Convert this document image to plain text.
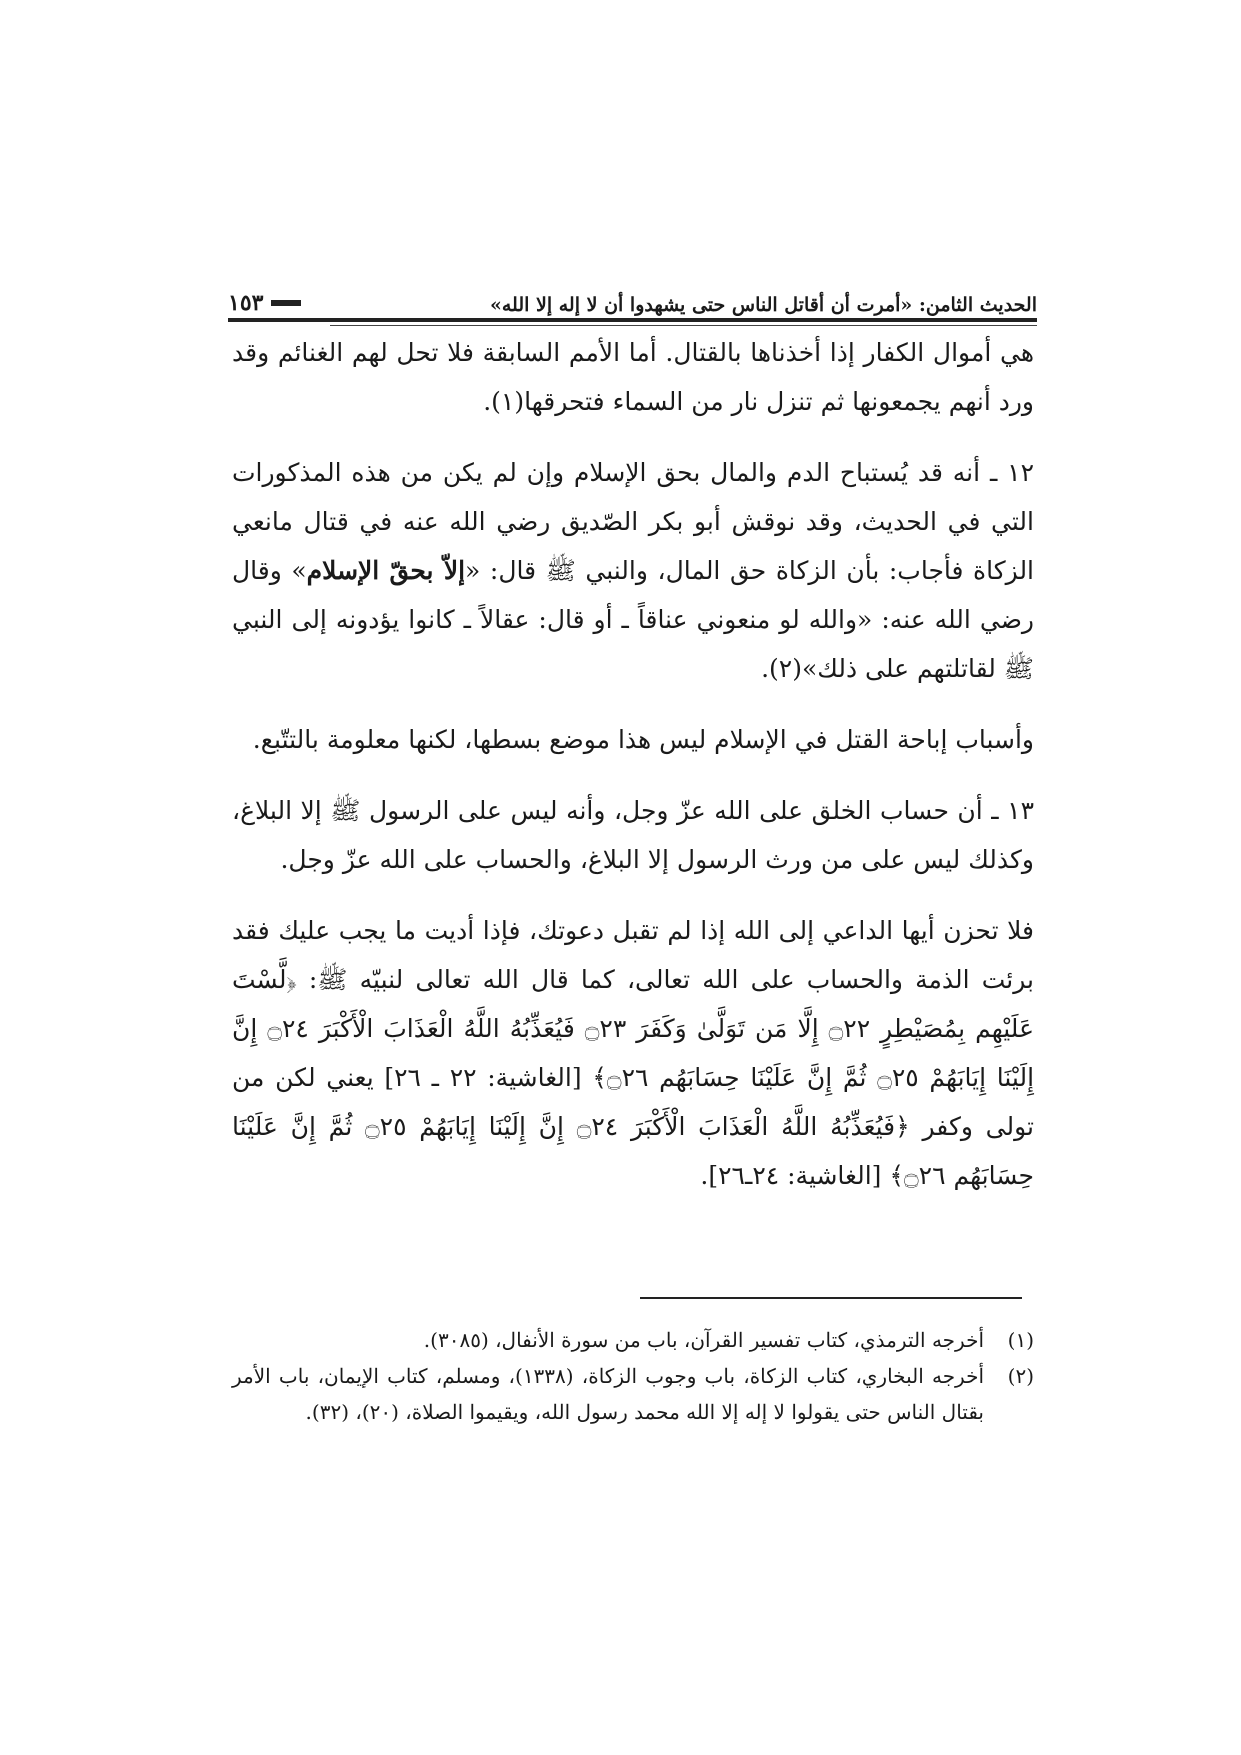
الحديث الثامن: «أمرت أن أقاتل الناس حتى يشهدوا أن لا إله إلا الله»
١٥٣

هي أموال الكفار إذا أخذناها بالقتال. أما الأمم السابقة فلا تحل لهم الغنائم وقد ورد أنهم يجمعونها ثم تنزل نار من السماء فتحرقها(١).

١٢ ـ أنه قد يُستباح الدم والمال بحق الإسلام وإن لم يكن من هذه المذكورات التي في الحديث، وقد نوقش أبو بكر الصّديق رضي الله عنه في قتال مانعي الزكاة فأجاب: بأن الزكاة حق المال، والنبي ﷺ قال: «إلاّ بحقّ الإسلام» وقال رضي الله عنه: «والله لو منعوني عناقاً ـ أو قال: عقالاً ـ كانوا يؤدونه إلى النبي ﷺ لقاتلتهم على ذلك»(٢).

وأسباب إباحة القتل في الإسلام ليس هذا موضع بسطها، لكنها معلومة بالتتّبع.

١٣ ـ أن حساب الخلق على الله عزّ وجل، وأنه ليس على الرسول ﷺ إلا البلاغ، وكذلك ليس على من ورث الرسول إلا البلاغ، والحساب على الله عزّ وجل.

فلا تحزن أيها الداعي إلى الله إذا لم تقبل دعوتك، فإذا أديت ما يجب عليك فقد برئت الذمة والحساب على الله تعالى، كما قال الله تعالى لنبيّه ﷺ: ﴿لَّسْتَ عَلَيْهِم بِمُصَيْطِرٍ ۝٢٢ إِلَّا مَن تَوَلَّىٰ وَكَفَرَ ۝٢٣ فَيُعَذِّبُهُ اللَّهُ الْعَذَابَ الْأَكْبَرَ ۝٢٤ إِنَّ إِلَيْنَا إِيَابَهُمْ ۝٢٥ ثُمَّ إِنَّ عَلَيْنَا حِسَابَهُم ۝٢٦﴾ [الغاشية: ٢٢ ـ ٢٦] يعني لكن من تولى وكفر ﴿فَيُعَذِّبُهُ اللَّهُ الْعَذَابَ الْأَكْبَرَ ۝٢٤ إِنَّ إِلَيْنَا إِيَابَهُمْ ۝٢٥ ثُمَّ إِنَّ عَلَيْنَا حِسَابَهُم ۝٢٦﴾ [الغاشية: ٢٤ـ٢٦].

(١)
أخرجه الترمذي، كتاب تفسير القرآن، باب من سورة الأنفال، (٣٠٨٥).
(٢)
أخرجه البخاري، كتاب الزكاة، باب وجوب الزكاة، (١٣٣٨)، ومسلم، كتاب الإيمان، باب الأمر بقتال الناس حتى يقولوا لا إله إلا الله محمد رسول الله، ويقيموا الصلاة، (٢٠)، (٣٢).
